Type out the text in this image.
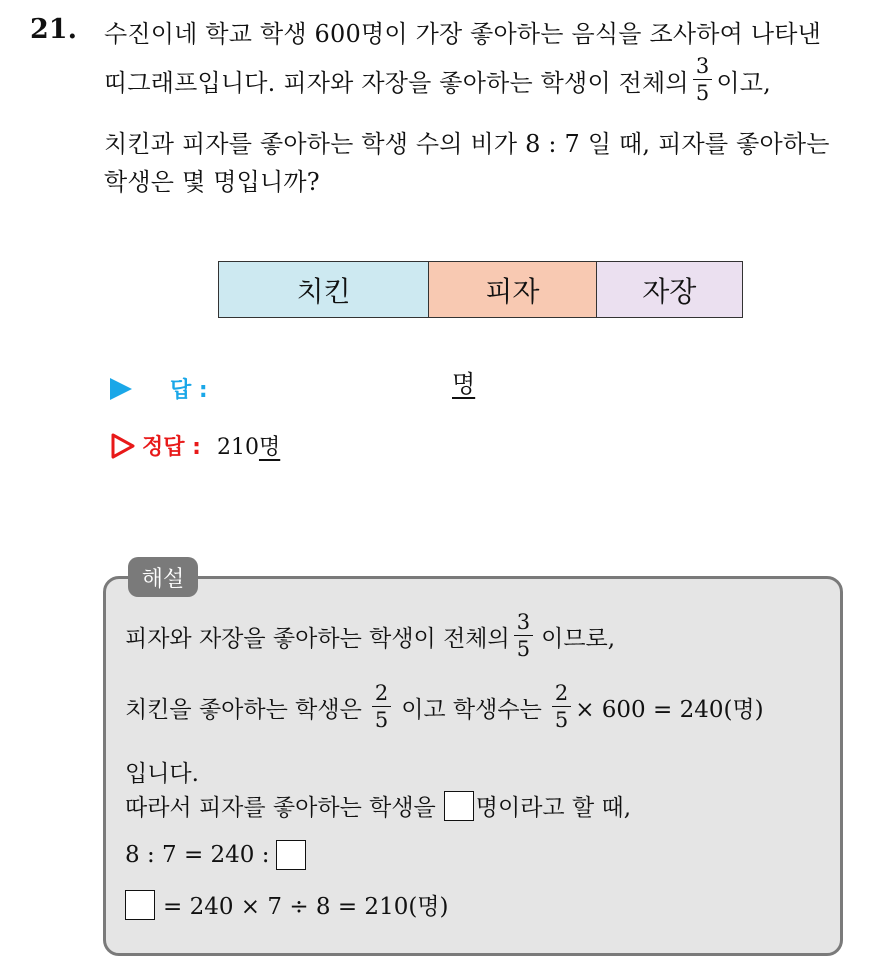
21. 수진이네 학교 학생 600명이 가장 좋아하는 음식을 조사하여 나타낸
띠그래프입니다. 피자와 자장을 좋아하는 학생이 전체의 $\frac{3}{5}$ 이고,
치킨과 피자를 좋아하는 학생 수의 비가 8 : 7 일 때, 피자를 좋아하는
학생은 몇 명입니까?
치킨	피자	자장
답 :	명
정답 : 210명
해설
피자와 자장을 좋아하는 학생이 전체의 $\frac{3}{5}$ 이므로,
치킨을 좋아하는 학생은 $\frac{2}{5}$ 이고 학생수는 $\frac{2}{5} \times 600 = 240$(명)
입니다.
따라서 피자를 좋아하는 학생을 명이라고 할 때,
8 : 7 = 240 :
= 240 × 7 ÷ 8 = 210(명)
